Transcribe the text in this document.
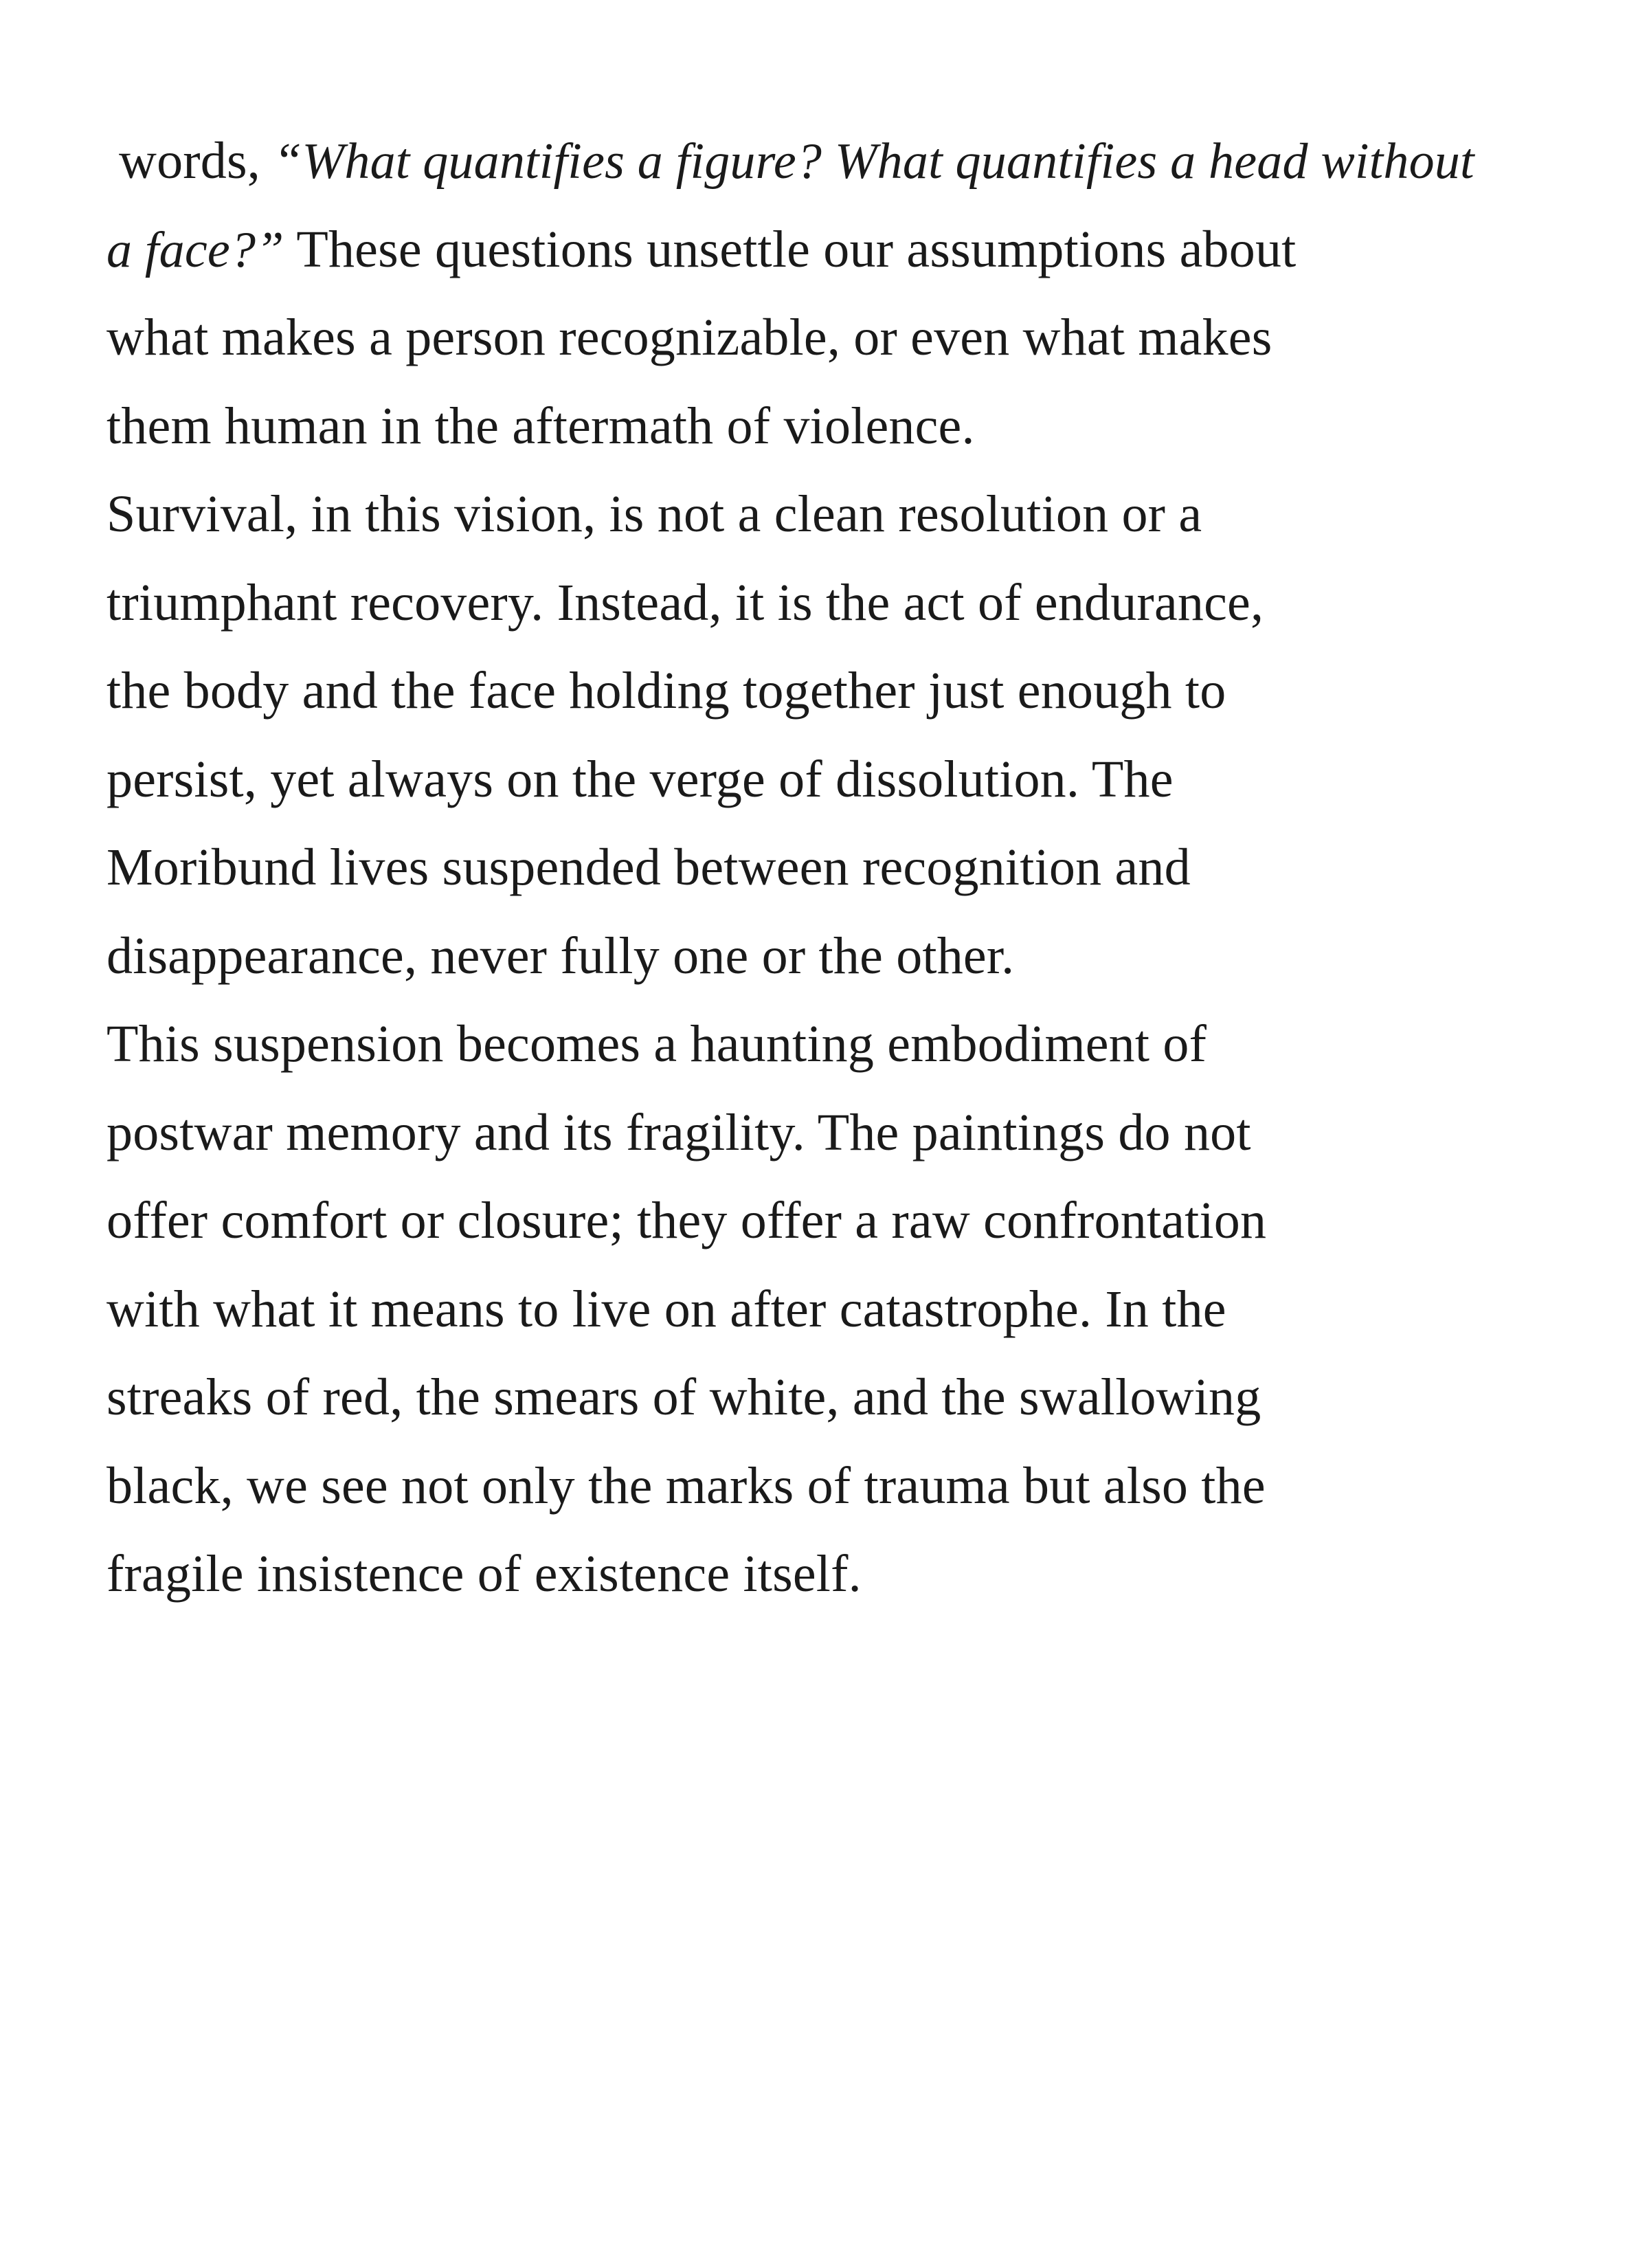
words, “What quantifies a figure? What quantifies a head without
a face?” These questions unsettle our assumptions about
what makes a person recognizable, or even what makes
them human in the aftermath of violence.
Survival, in this vision, is not a clean resolution or a
triumphant recovery. Instead, it is the act of endurance,
the body and the face holding together just enough to
persist, yet always on the verge of dissolution. The
Moribund lives suspended between recognition and
disappearance, never fully one or the other.
This suspension becomes a haunting embodiment of
postwar memory and its fragility. The paintings do not
offer comfort or closure; they offer a raw confrontation
with what it means to live on after catastrophe. In the
streaks of red, the smears of white, and the swallowing
black, we see not only the marks of trauma but also the
fragile insistence of existence itself.
